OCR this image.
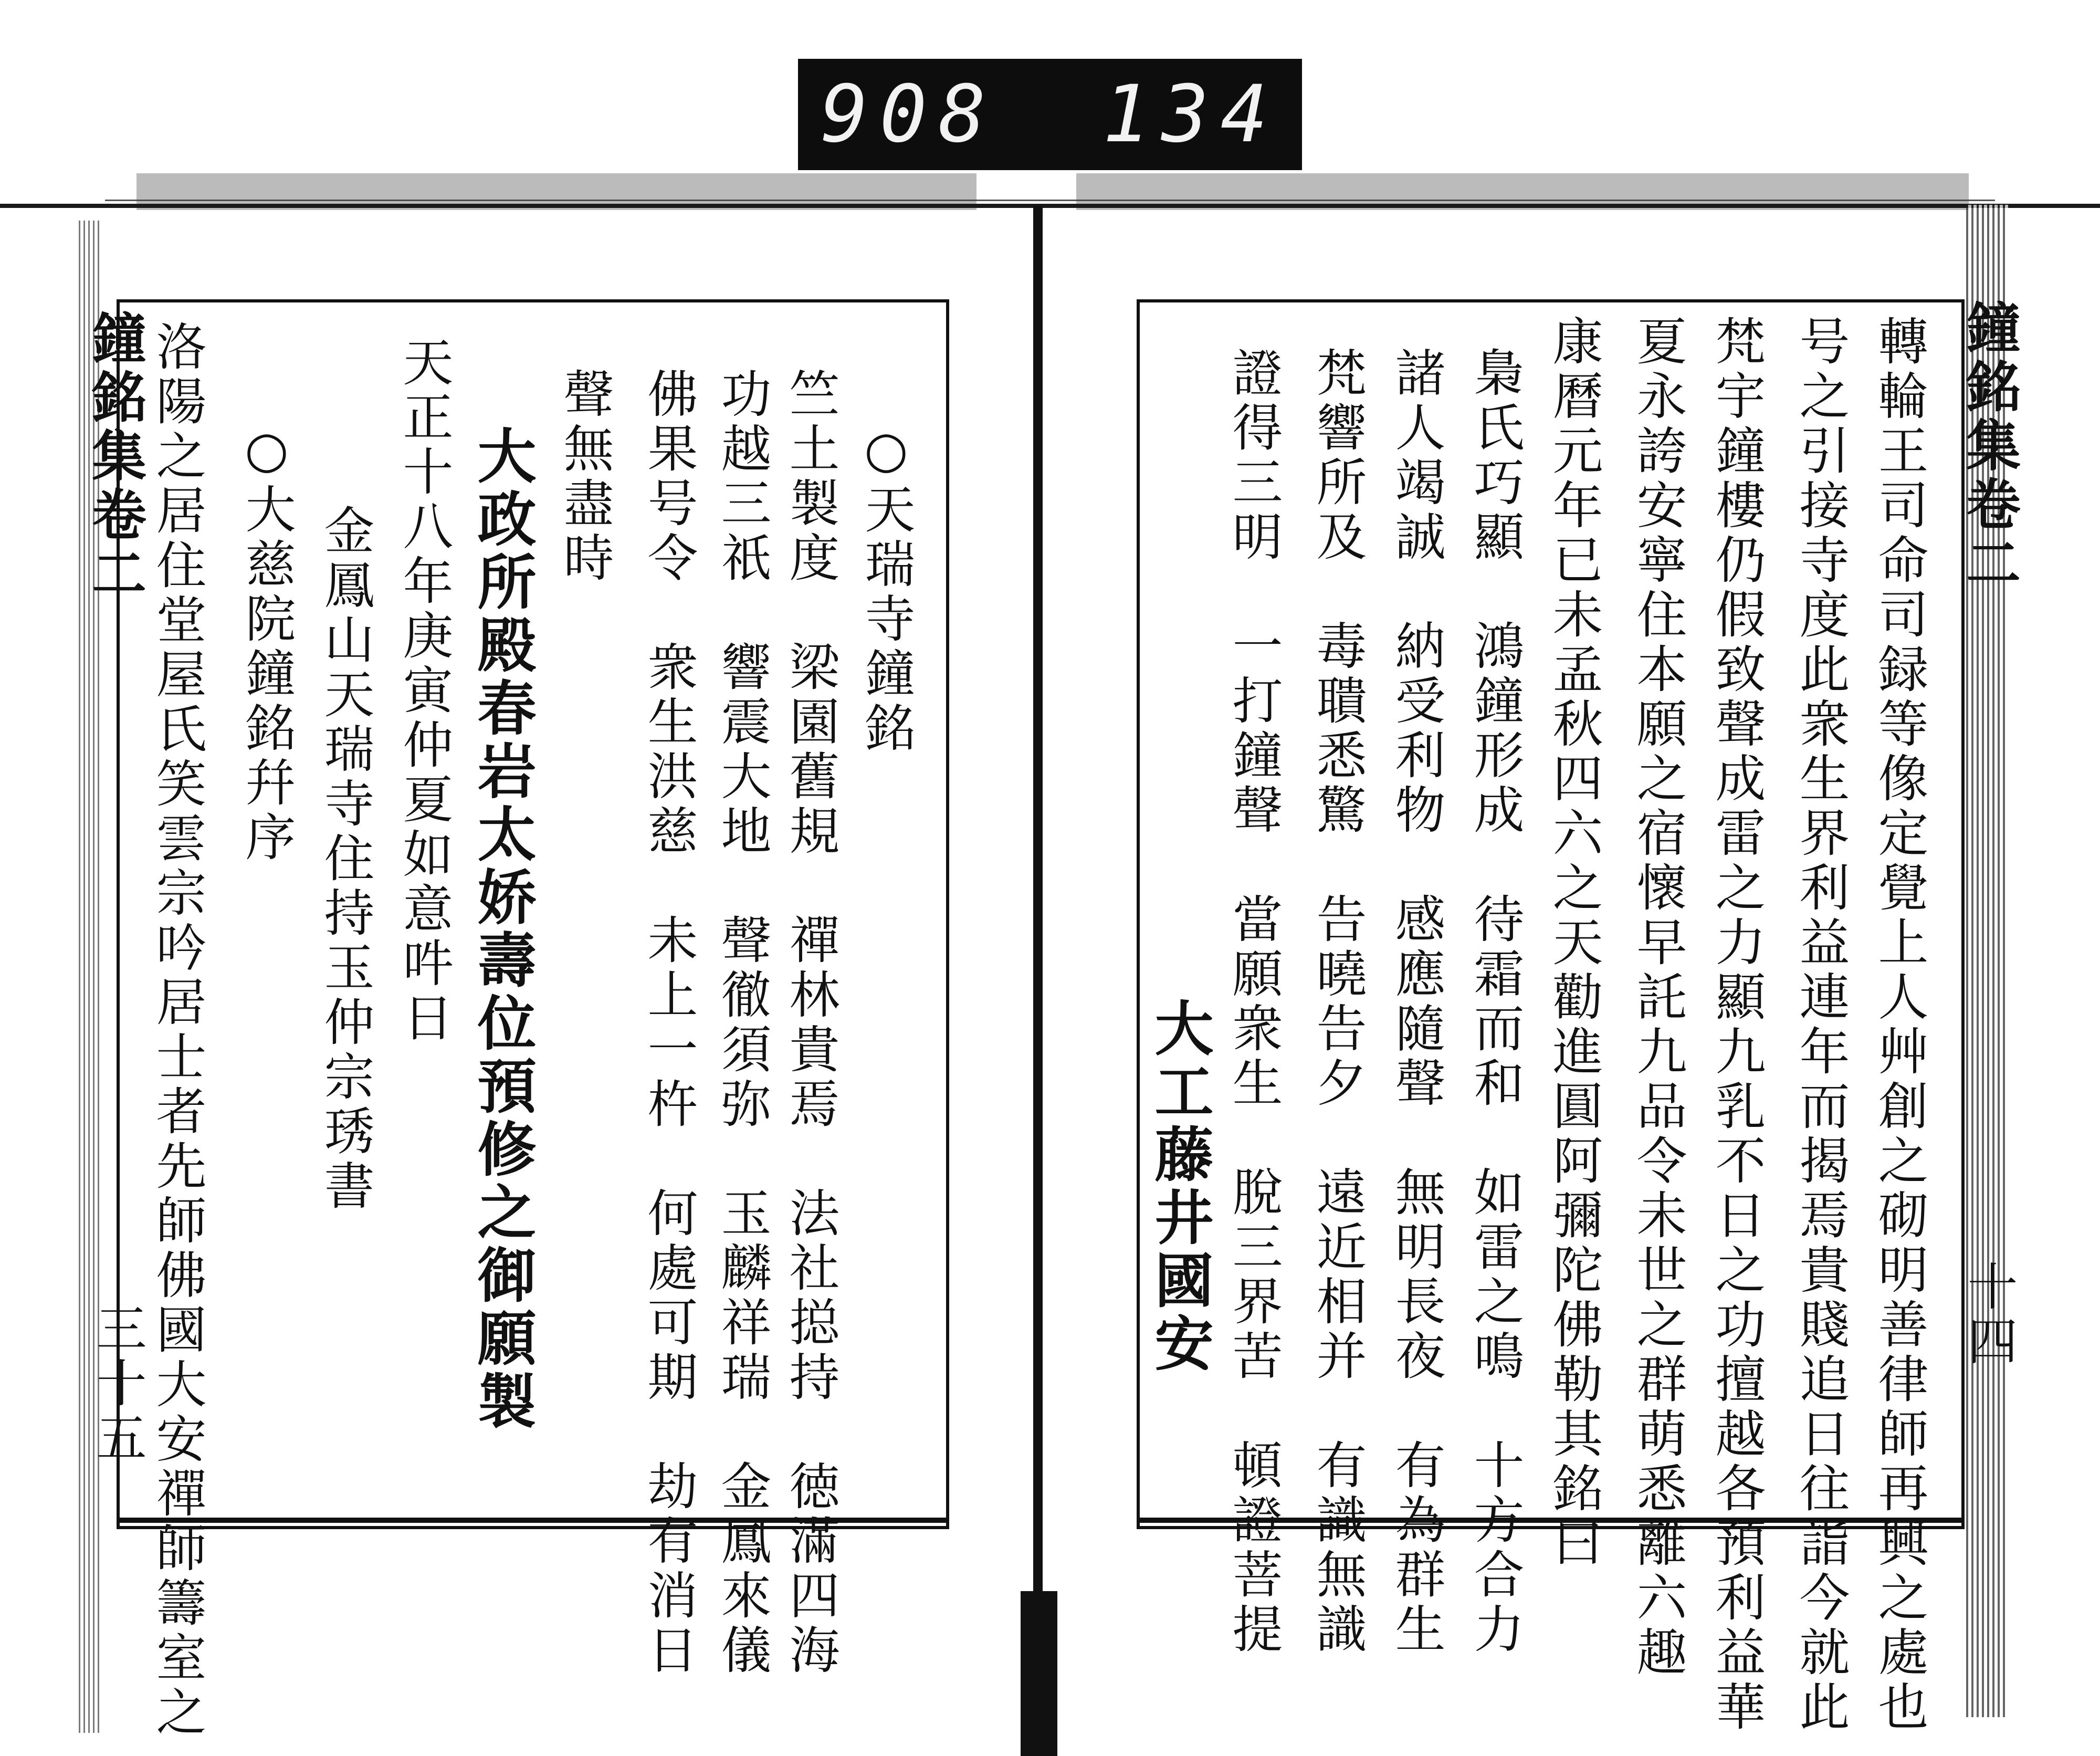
908 134
鐘銘集卷二
三十五
○天瑞寺鐘銘
竺土製度　梁園舊規　禪林貴焉　法社搃持　徳滿四海
功越三祇　響震大地　聲徹須弥　玉麟祥瑞　金鳳來儀
佛果号令　衆生洪慈　未上一杵　何處可期　劫有消日
聲無盡時
大政所殿春岩太娇壽位預修之御願製
天正十八年庚寅仲夏如意吽日
金鳳山天瑞寺住持玉仲宗琇書
○大慈院鐘銘幷序
洛陽之居住堂屋氏笑雲宗吟居士者先師佛國大安禪師籌室之	鐘銘集卷二
十四
轉輪王司命司録等像定覺上人艸創之砌明善律師再興之處也
号之引接寺度此衆生界利益連年而揭焉貴賤追日往詣今就此
梵宇鐘樓仍假致聲成雷之力顯九乳不日之功擅越各預利益華
夏永誇安寧住本願之宿懷早託九品令未世之群萌悉離六趣
康曆元年已未孟秋四六之天勸進圓阿彌陀佛勒其銘曰
梟氏巧顯　鴻鐘形成　待霜而和　如雷之鳴　十方合力
諸人竭誠　納受利物　感應隨聲　無明長夜　有為群生
梵響所及　毒聵悉驚　告曉告夕　遠近相并　有識無識
證得三明　一打鐘聲　當願衆生　脫三界苦　頓證菩提
大工藤井國安
